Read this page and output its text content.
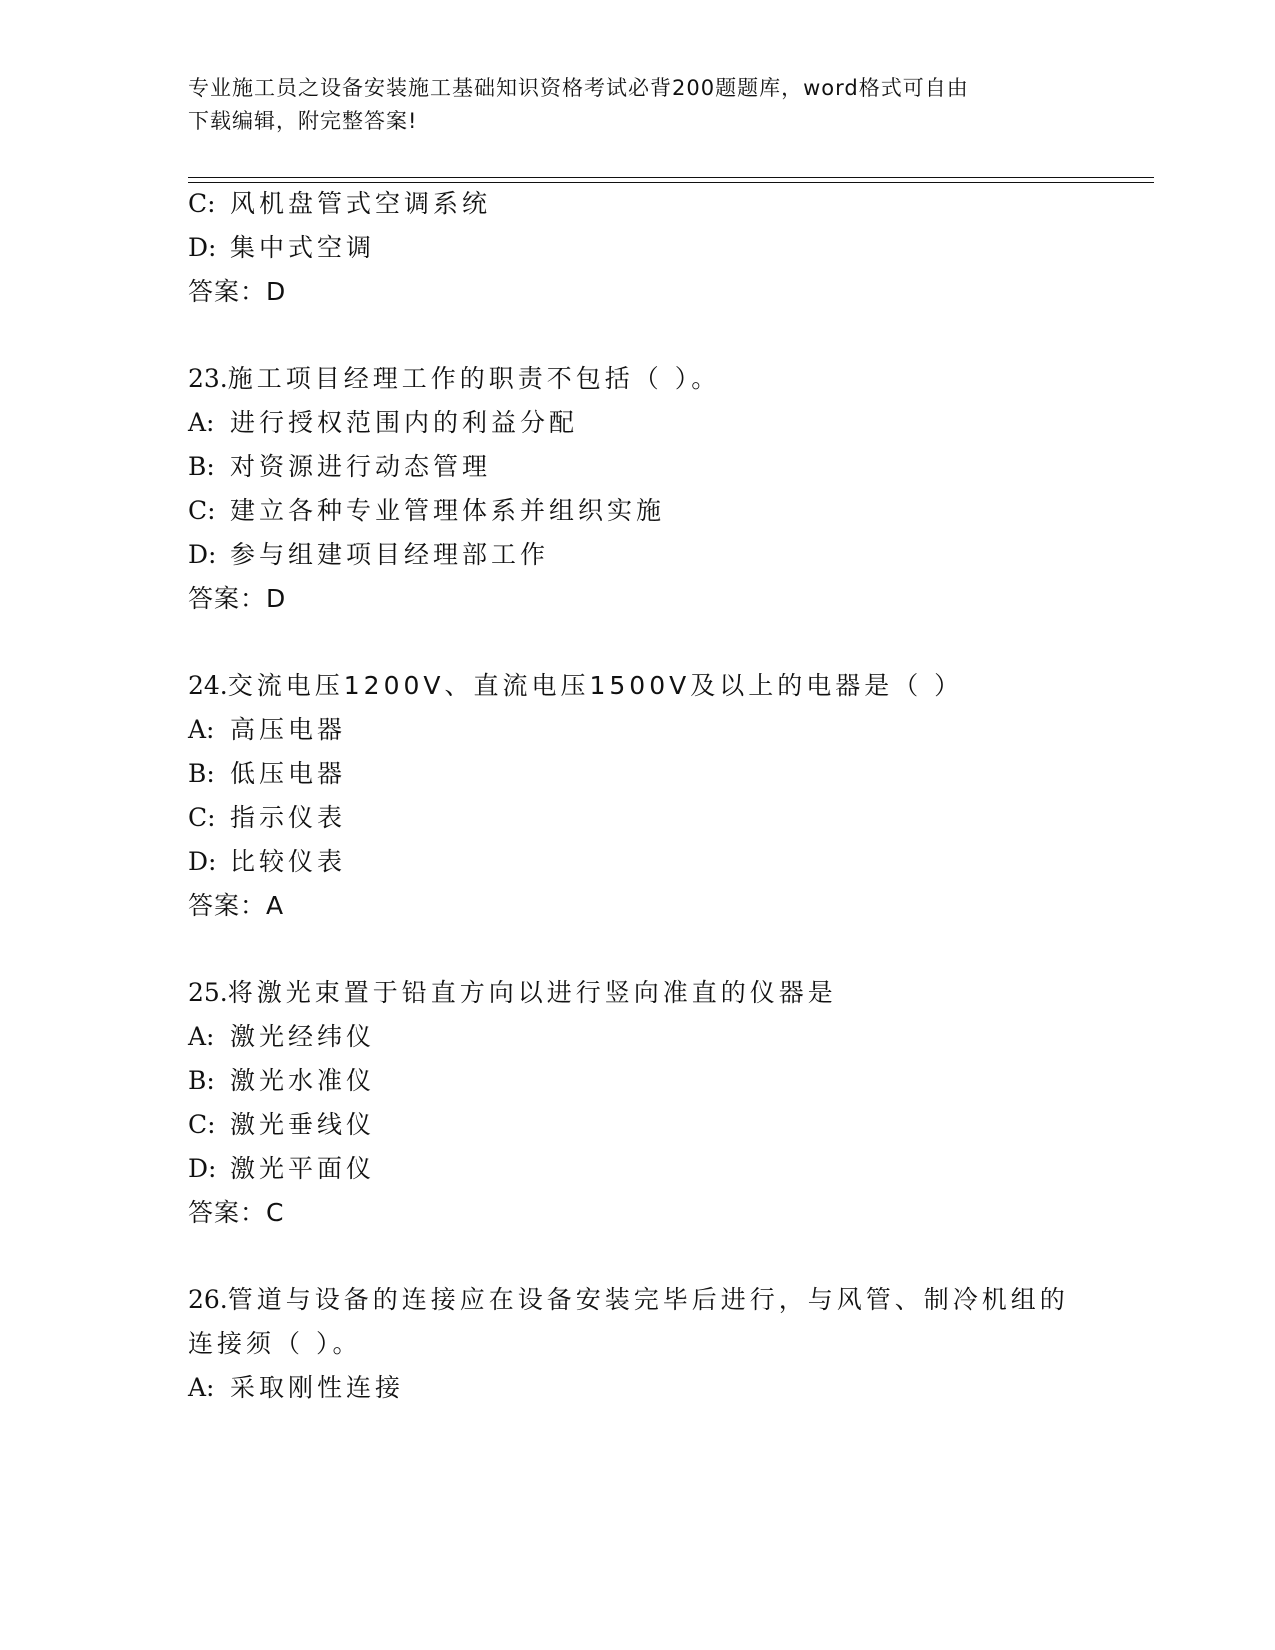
专业施工员之设备安装施工基础知识资格考试必背200题题库，word格式可自由
下载编辑，附完整答案!
C: 风机盘管式空调系统
D: 集中式空调
答案：D
23.施工项目经理工作的职责不包括（ ）。
A: 进行授权范围内的利益分配
B: 对资源进行动态管理
C: 建立各种专业管理体系并组织实施
D: 参与组建项目经理部工作
答案：D
24.交流电压1200V、直流电压1500V及以上的电器是（ ）
A: 高压电器
B: 低压电器
C: 指示仪表
D: 比较仪表
答案：A
25.将激光束置于铅直方向以进行竖向准直的仪器是
A: 激光经纬仪
B: 激光水准仪
C: 激光垂线仪
D: 激光平面仪
答案：C
26.管道与设备的连接应在设备安装完毕后进行，与风管、制冷机组的
连接须（ ）。
A: 采取刚性连接
